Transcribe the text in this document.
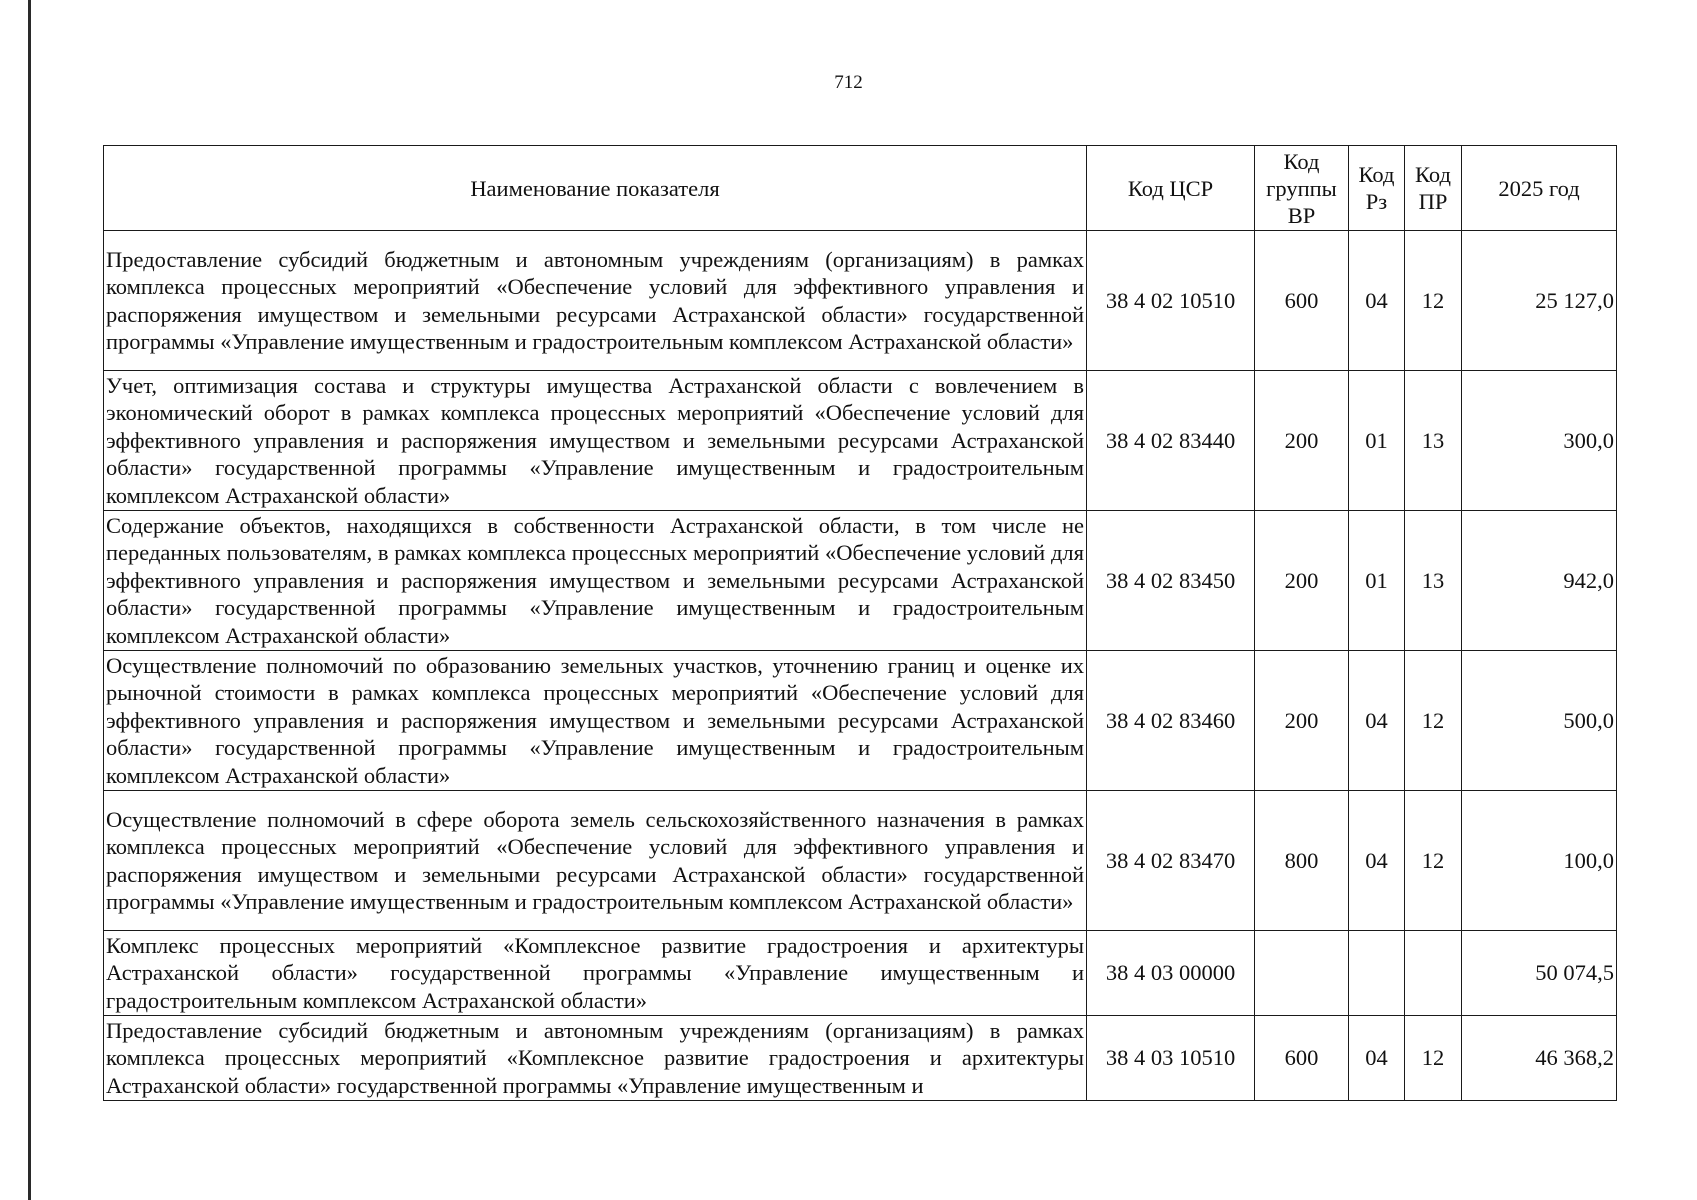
712
Наименование показателя	Код ЦСР	Код группы ВР	Код Рз	Код ПР	2025 год
Предоставление субсидий бюджетным и автономным учреждениям (организациям) в рамках комплекса процессных мероприятий «Обеспечение условий для эффективного управления и распоряжения имуществом и земельными ресурсами Астраханской области» государственной программы «Управление имущественным и градостроительным комплексом Астраханской области»	38 4 02 10510	600	04	12	25 127,0
Учет, оптимизация состава и структуры имущества Астраханской области с вовлечением в экономический оборот в рамках комплекса процессных мероприятий «Обеспечение условий для эффективного управления и распоряжения имуществом и земельными ресурсами Астраханской области» государственной программы «Управление имущественным и градостроительным комплексом Астраханской области»	38 4 02 83440	200	01	13	300,0
Содержание объектов, находящихся в собственности Астраханской области, в том числе не переданных пользователям, в рамках комплекса процессных мероприятий «Обеспечение условий для эффективного управления и распоряжения имуществом и земельными ресурсами Астраханской области» государственной программы «Управление имущественным и градостроительным комплексом Астраханской области»	38 4 02 83450	200	01	13	942,0
Осуществление полномочий по образованию земельных участков, уточнению границ и оценке их рыночной стоимости в рамках комплекса процессных мероприятий «Обеспечение условий для эффективного управления и распоряжения имуществом и земельными ресурсами Астраханской области» государственной программы «Управление имущественным и градостроительным комплексом Астраханской области»	38 4 02 83460	200	04	12	500,0
Осуществление полномочий в сфере оборота земель сельскохозяйственного назначения в рамках комплекса процессных мероприятий «Обеспечение условий для эффективного управления и распоряжения имуществом и земельными ресурсами Астраханской области» государственной программы «Управление имущественным и градостроительным комплексом Астраханской области»	38 4 02 83470	800	04	12	100,0
Комплекс процессных мероприятий «Комплексное развитие градостроения и архитектуры Астраханской области» государственной программы «Управление имущественным и градостроительным комплексом Астраханской области»	38 4 03 00000				50 074,5
Предоставление субсидий бюджетным и автономным учреждениям (организациям) в рамках комплекса процессных мероприятий «Комплексное развитие градостроения и архитектуры Астраханской области» государственной программы «Управление имущественным и	38 4 03 10510	600	04	12	46 368,2
